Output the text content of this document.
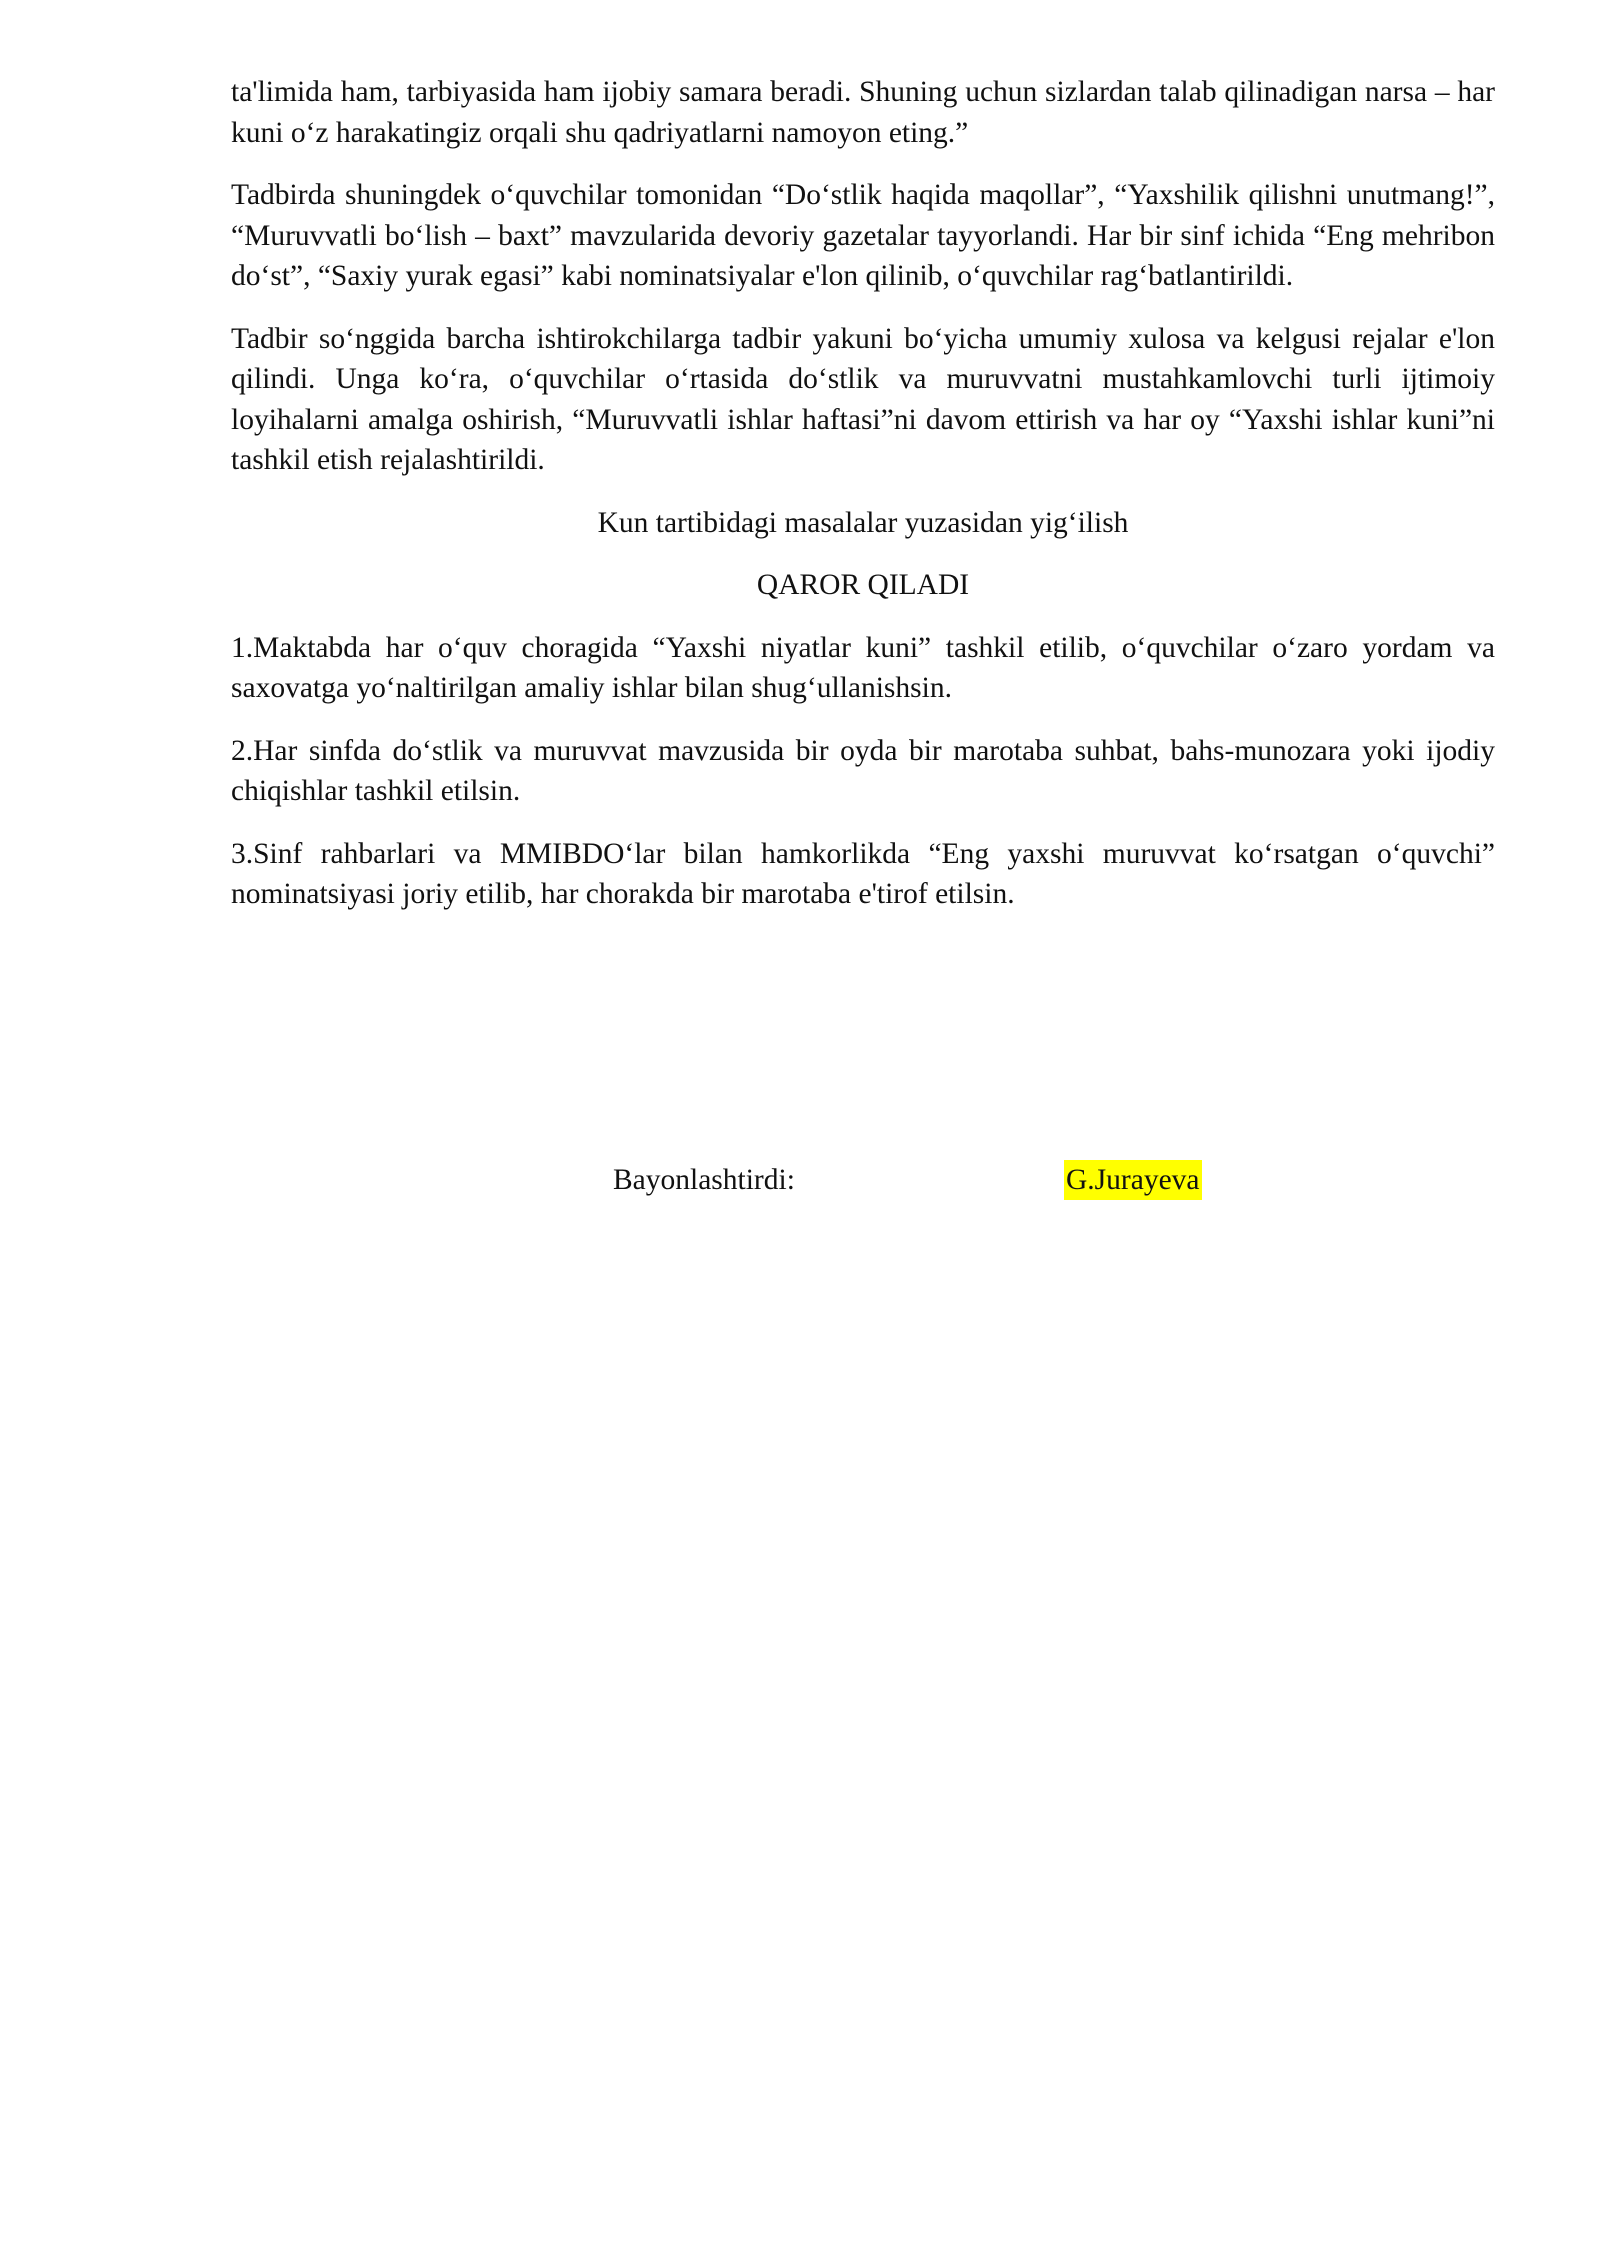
ta'limida ham, tarbiyasida ham ijobiy samara beradi. Shuning uchun sizlardan talab qilinadigan narsa – har kuni o‘z harakatingiz orqali shu qadriyatlarni namoyon eting.”

Tadbirda shuningdek o‘quvchilar tomonidan “Do‘stlik haqida maqollar”, “Yaxshilik qilishni unutmang!”, “Muruvvatli bo‘lish – baxt” mavzularida devoriy gazetalar tayyorlandi. Har bir sinf ichida “Eng mehribon do‘st”, “Saxiy yurak egasi” kabi nominatsiyalar e'lon qilinib, o‘quvchilar rag‘batlantirildi.

Tadbir so‘nggida barcha ishtirokchilarga tadbir yakuni bo‘yicha umumiy xulosa va kelgusi rejalar e'lon qilindi. Unga ko‘ra, o‘quvchilar o‘rtasida do‘stlik va muruvvatni mustahkamlovchi turli ijtimoiy loyihalarni amalga oshirish, “Muruvvatli ishlar haftasi”ni davom ettirish va har oy “Yaxshi ishlar kuni”ni tashkil etish rejalashtirildi.

Kun tartibidagi masalalar yuzasidan yig‘ilish

QAROR QILADI

1.Maktabda har o‘quv choragida “Yaxshi niyatlar kuni” tashkil etilib, o‘quvchilar o‘zaro yordam va saxovatga yo‘naltirilgan amaliy ishlar bilan shug‘ullanishsin.

2.Har sinfda do‘stlik va muruvvat mavzusida bir oyda bir marotaba suhbat, bahs-munozara yoki ijodiy chiqishlar tashkil etilsin.

3.Sinf rahbarlari va MMIBDO‘lar bilan hamkorlikda “Eng yaxshi muruvvat ko‘rsatgan o‘quvchi” nominatsiyasi joriy etilib, har chorakda bir marotaba e'tirof etilsin.

Bayonlashtirdi:	G.Jurayeva
